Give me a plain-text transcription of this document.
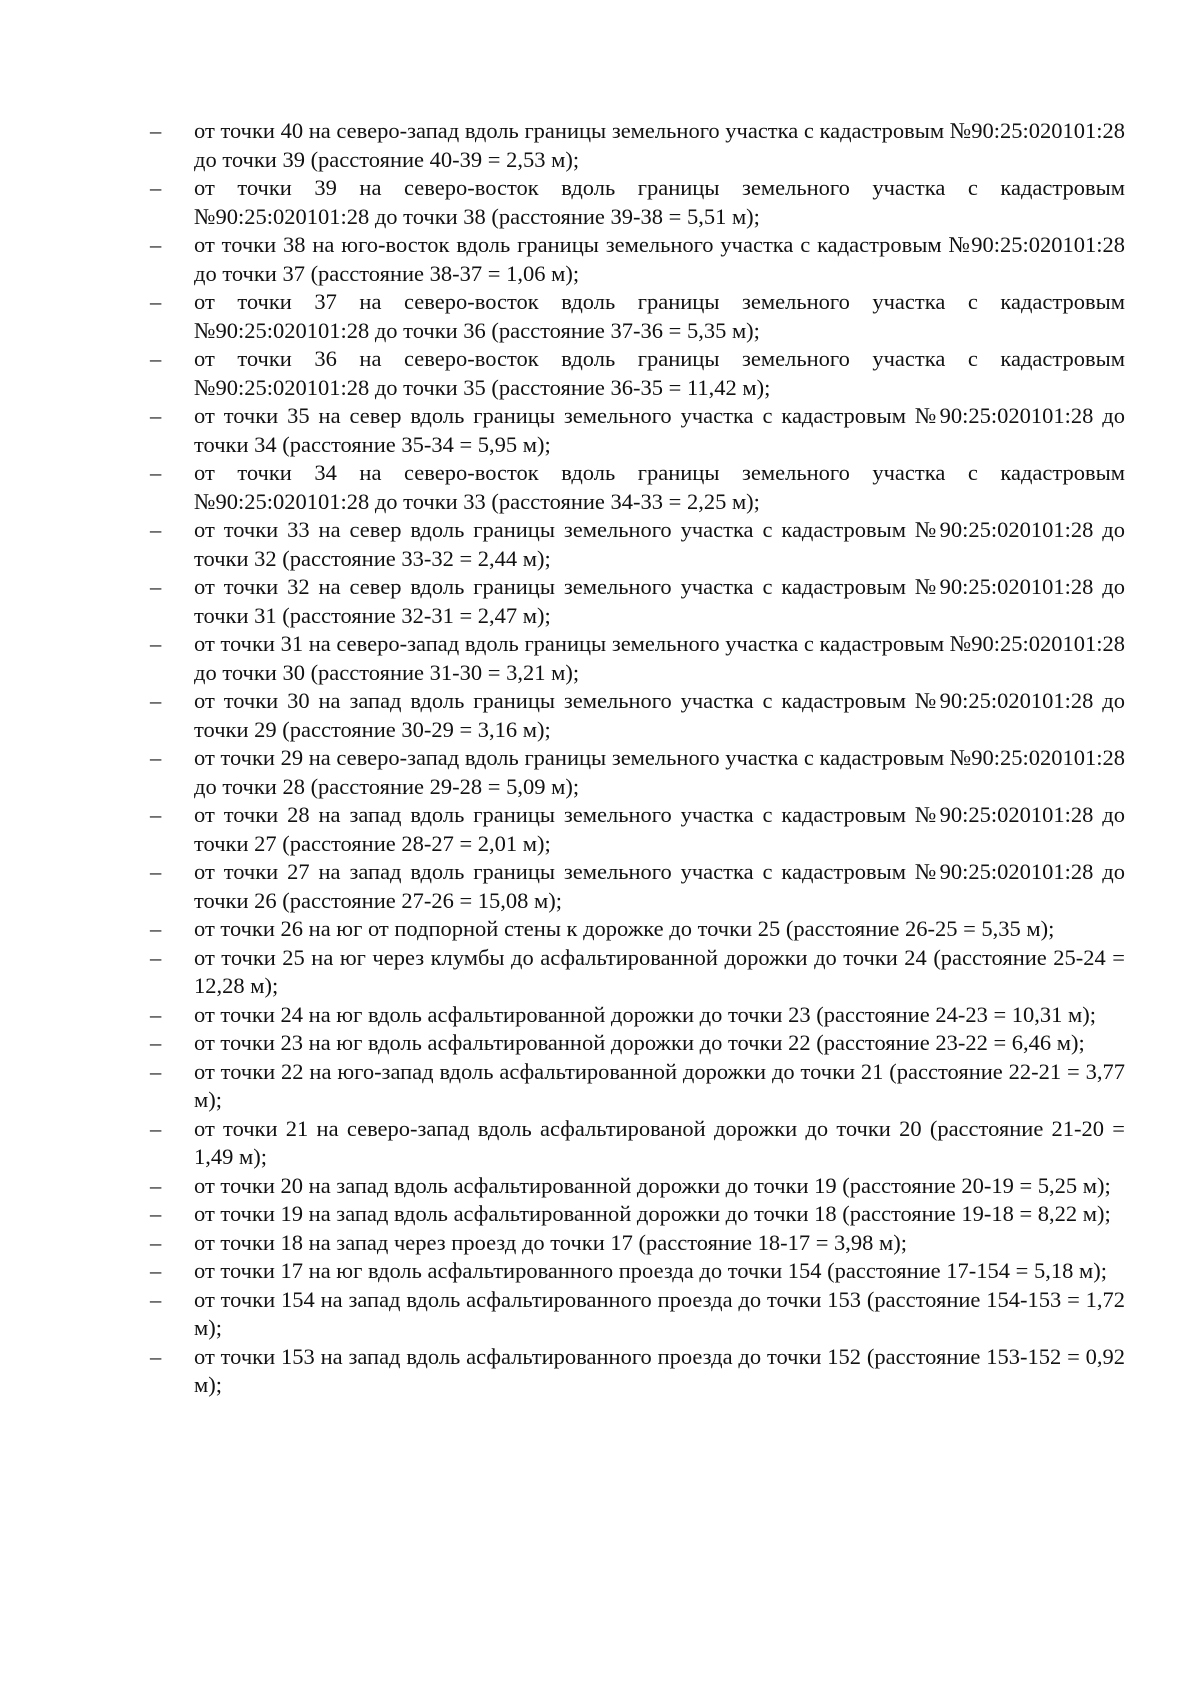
–	от точки 40 на северо-запад вдоль границы земельного участка с кадастровым №90:25:020101:28 до точки 39 (расстояние 40-39 = 2,53 м);
–	от точки 39 на северо-восток вдоль границы земельного участка с кадастровым №90:25:020101:28 до точки 38 (расстояние 39-38 = 5,51 м);
–	от точки 38 на юго-восток вдоль границы земельного участка с кадастровым №90:25:020101:28 до точки 37 (расстояние 38-37 = 1,06 м);
–	от точки 37 на северо-восток вдоль границы земельного участка с кадастровым №90:25:020101:28 до точки 36 (расстояние 37-36 = 5,35 м);
–	от точки 36 на северо-восток вдоль границы земельного участка с кадастровым №90:25:020101:28 до точки 35 (расстояние 36-35 = 11,42 м);
–	от точки 35 на север вдоль границы земельного участка с кадастровым №90:25:020101:28 до точки 34 (расстояние 35-34 = 5,95 м);
–	от точки 34 на северо-восток вдоль границы земельного участка с кадастровым №90:25:020101:28 до точки 33 (расстояние 34-33 = 2,25 м);
–	от точки 33 на север вдоль границы земельного участка с кадастровым №90:25:020101:28 до точки 32 (расстояние 33-32 = 2,44 м);
–	от точки 32 на север вдоль границы земельного участка с кадастровым №90:25:020101:28 до точки 31 (расстояние 32-31 = 2,47 м);
–	от точки 31 на северо-запад вдоль границы земельного участка с кадастровым №90:25:020101:28 до точки 30 (расстояние 31-30 = 3,21 м);
–	от точки 30 на запад вдоль границы земельного участка с кадастровым №90:25:020101:28 до точки 29 (расстояние 30-29 = 3,16 м);
–	от точки 29 на северо-запад вдоль границы земельного участка с кадастровым №90:25:020101:28 до точки 28 (расстояние 29-28 = 5,09 м);
–	от точки 28 на запад вдоль границы земельного участка с кадастровым №90:25:020101:28 до точки 27 (расстояние 28-27 = 2,01 м);
–	от точки 27 на запад вдоль границы земельного участка с кадастровым №90:25:020101:28 до точки 26 (расстояние 27-26 = 15,08 м);
–	от точки 26 на юг от подпорной стены к дорожке до точки 25 (расстояние 26-25 = 5,35 м);
–	от точки 25 на юг через клумбы до асфальтированной дорожки до точки 24 (расстояние 25-24 = 12,28 м);
–	от точки 24 на юг вдоль асфальтированной дорожки до точки 23 (расстояние 24-23 = 10,31 м);
–	от точки 23 на юг вдоль асфальтированной дорожки до точки 22 (расстояние 23-22 = 6,46 м);
–	от точки 22 на юго-запад вдоль асфальтированной дорожки до точки 21 (расстояние 22-21 = 3,77 м);
–	от точки 21 на северо-запад вдоль асфальтированой дорожки до точки 20 (расстояние 21-20 = 1,49 м);
–	от точки 20 на запад вдоль асфальтированной дорожки до точки 19 (расстояние 20-19 = 5,25 м);
–	от точки 19 на запад вдоль асфальтированной дорожки до точки 18 (расстояние 19-18 = 8,22 м);
–	от точки 18 на запад через проезд до точки 17 (расстояние 18-17 = 3,98 м);
–	от точки 17 на юг вдоль асфальтированного проезда до точки 154 (расстояние 17-154 = 5,18 м);
–	от точки 154 на запад вдоль асфальтированного проезда до точки 153 (расстояние 154-153 = 1,72 м);
–	от точки 153 на запад вдоль асфальтированного проезда до точки 152 (расстояние 153-152 = 0,92 м);
